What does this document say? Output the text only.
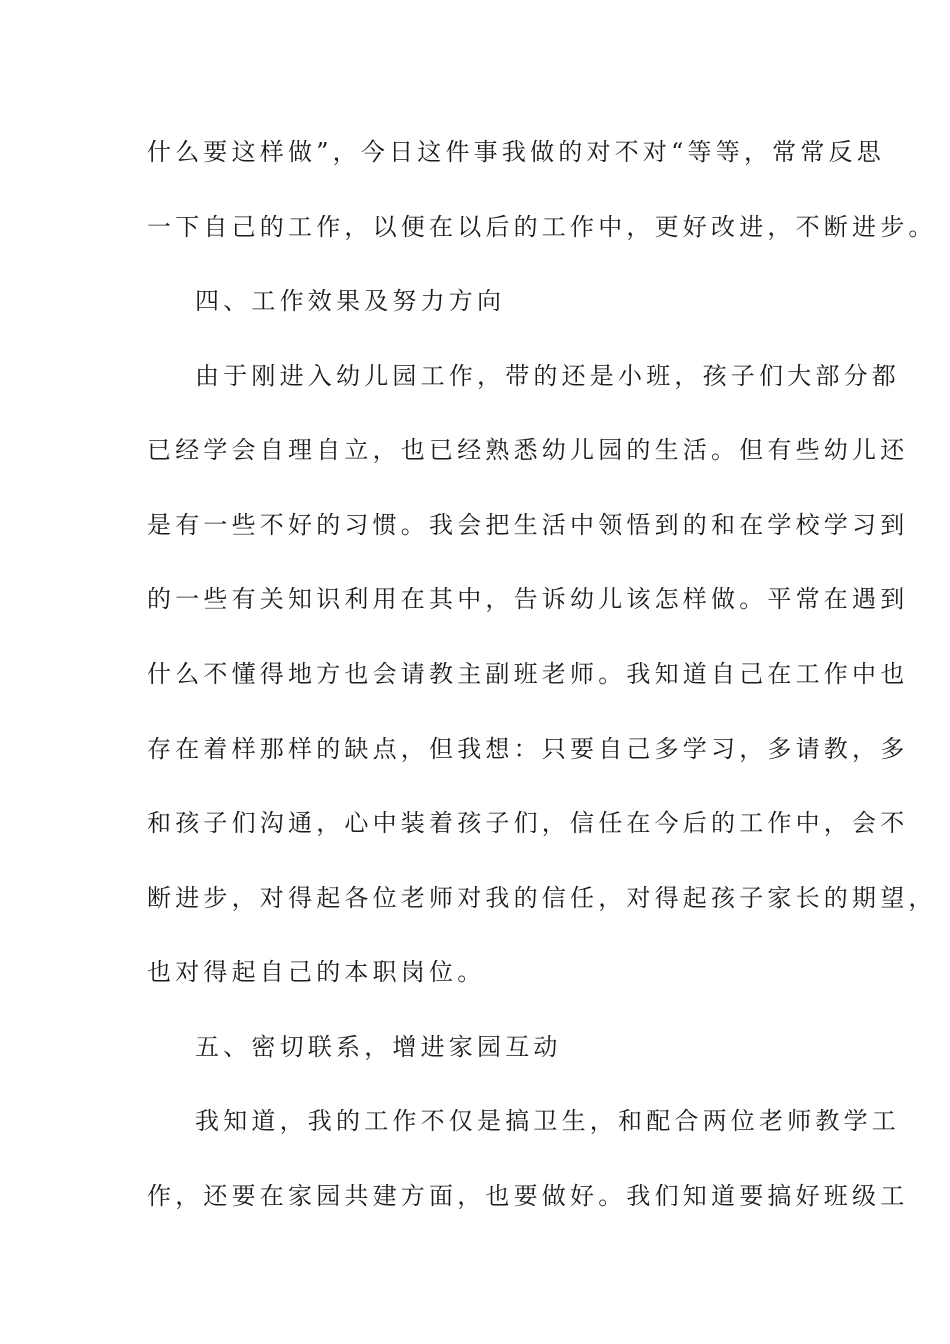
什么要这样做”，今日这件事我做的对不对“等等，常常反思
一下自己的工作，以便在以后的工作中，更好改进，不断进步。
四、工作效果及努力方向
由于刚进入幼儿园工作，带的还是小班，孩子们大部分都
已经学会自理自立，也已经熟悉幼儿园的生活。但有些幼儿还
是有一些不好的习惯。我会把生活中领悟到的和在学校学习到
的一些有关知识利用在其中，告诉幼儿该怎样做。平常在遇到
什么不懂得地方也会请教主副班老师。我知道自己在工作中也
存在着样那样的缺点，但我想：只要自己多学习，多请教，多
和孩子们沟通，心中装着孩子们，信任在今后的工作中，会不
断进步，对得起各位老师对我的信任，对得起孩子家长的期望，
也对得起自己的本职岗位。
五、密切联系，增进家园互动
我知道，我的工作不仅是搞卫生，和配合两位老师教学工
作，还要在家园共建方面，也要做好。我们知道要搞好班级工
